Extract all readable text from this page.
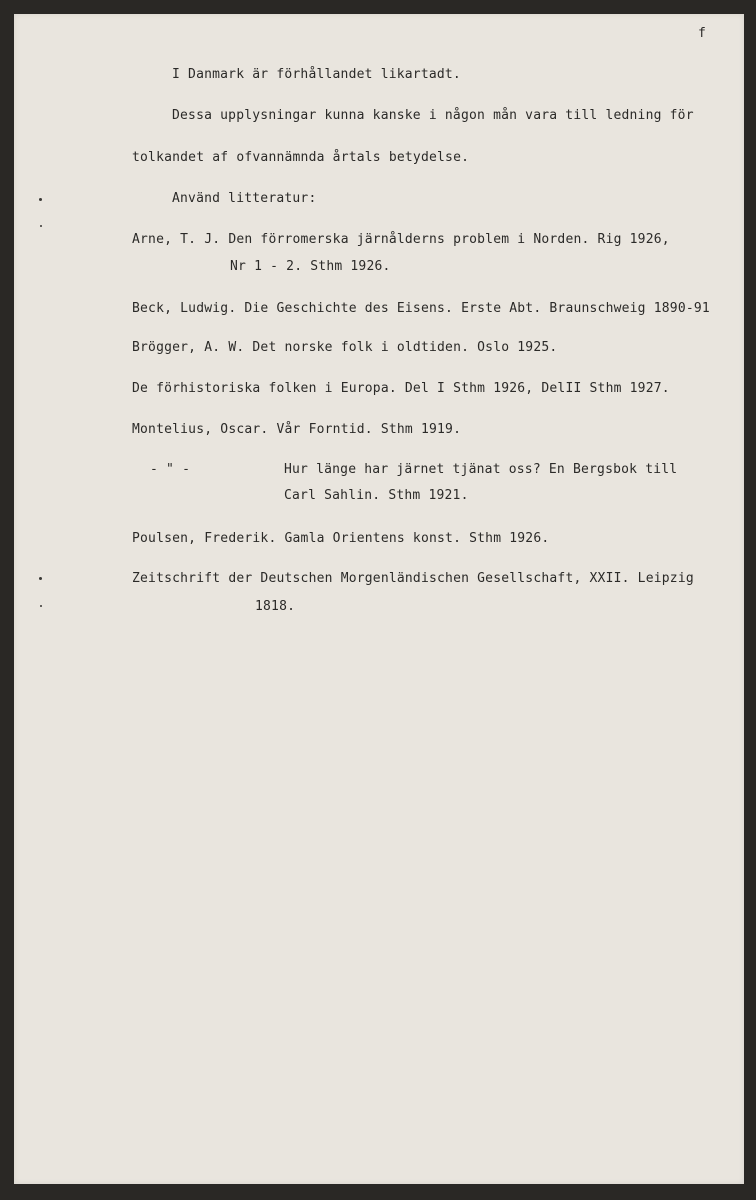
f
I Danmark är förhållandet likartadt.
Dessa upplysningar kunna kanske i någon mån vara till ledning för
tolkandet af ofvannämnda årtals betydelse.
Använd litteratur:
Arne, T. J. Den förromerska järnålderns problem i Norden. Rig 1926,
Nr 1 - 2. Sthm 1926.
Beck, Ludwig. Die Geschichte des Eisens. Erste Abt. Braunschweig 1890-91
Brögger, A. W. Det norske folk i oldtiden. Oslo 1925.
De förhistoriska folken i Europa. Del I Sthm 1926, DelII Sthm 1927.
Montelius, Oscar. Vår Forntid. Sthm 1919.
- " -	Hur länge har järnet tjänat oss? En Bergsbok till
Carl Sahlin. Sthm 1921.
Poulsen, Frederik. Gamla Orientens konst. Sthm 1926.
Zeitschrift der Deutschen Morgenländischen Gesellschaft, XXII. Leipzig
1818.
